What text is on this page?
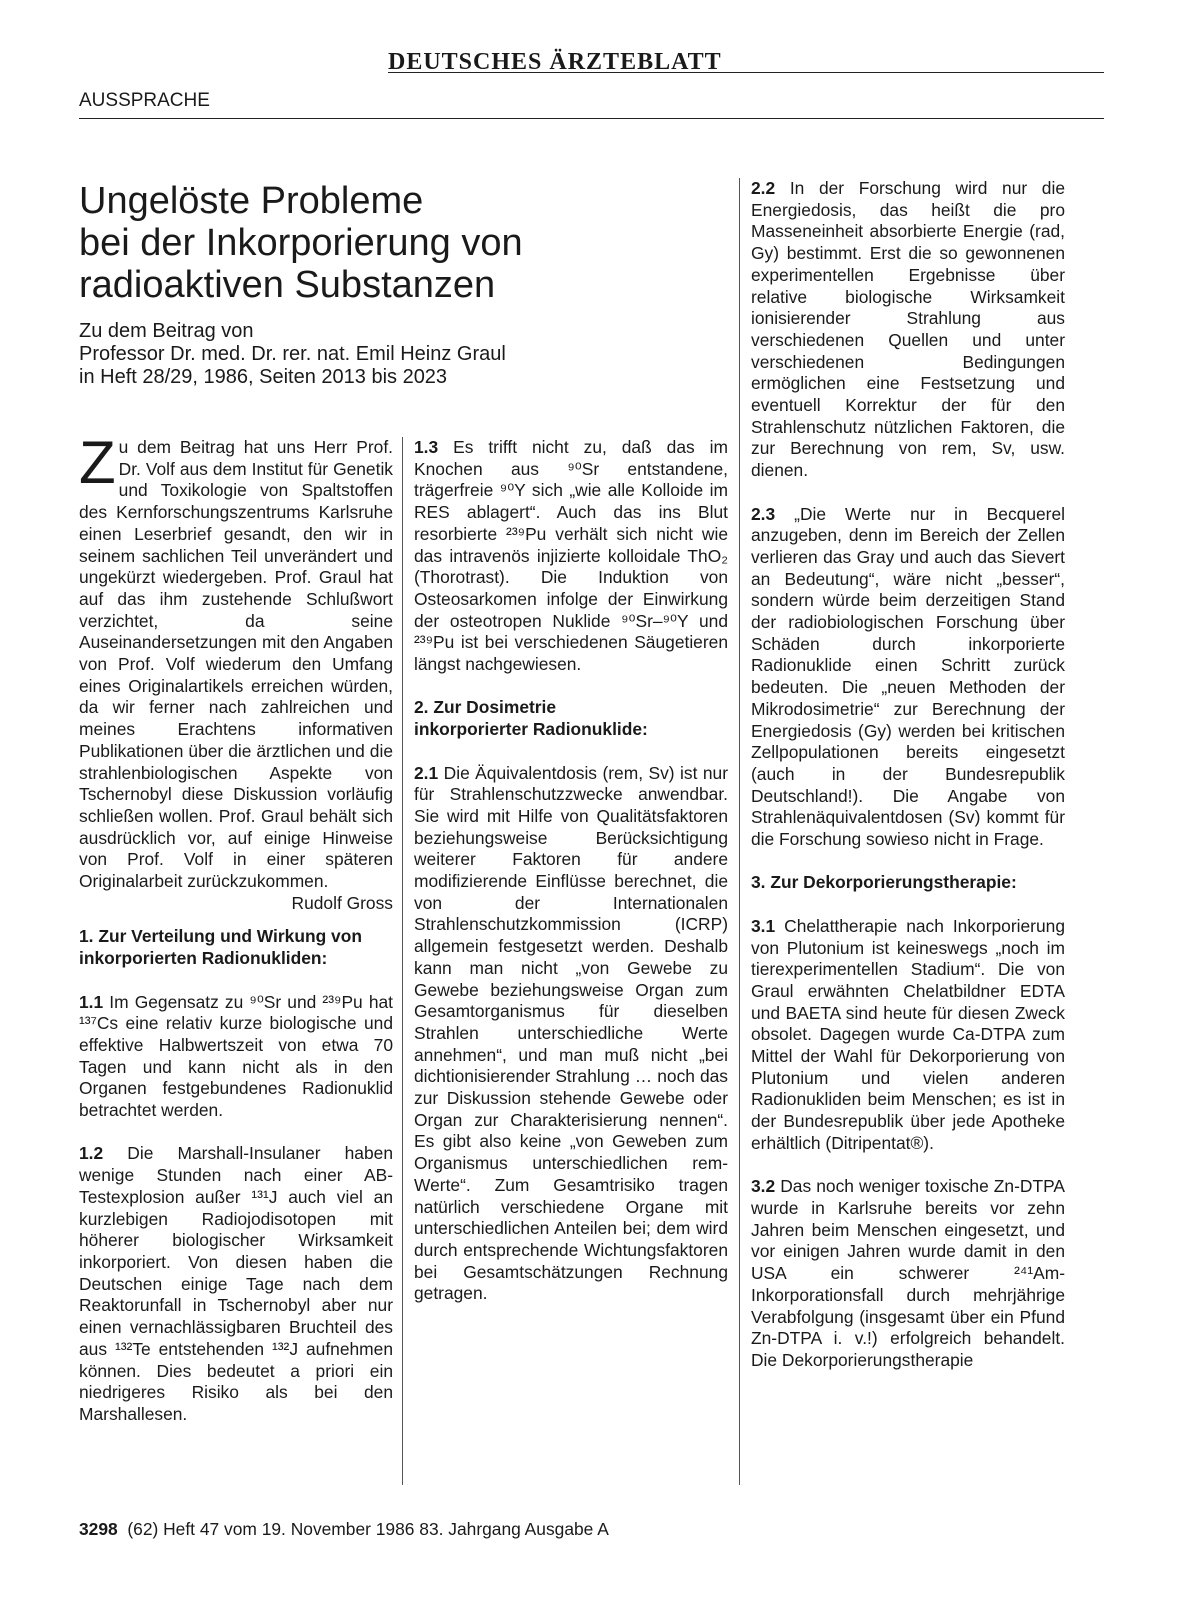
DEUTSCHES ÄRZTEBLATT
AUSSPRACHE
Ungelöste Probleme
bei der Inkorporierung von
radioaktiven Substanzen
Zu dem Beitrag von
Professor Dr. med. Dr. rer. nat. Emil Heinz Graul
in Heft 28/29, 1986, Seiten 2013 bis 2023

Zu dem Beitrag hat uns Herr Prof. Dr. Volf aus dem Institut für Genetik und Toxikologie von Spaltstoffen des Kernforschungszentrums Karlsruhe einen Leserbrief gesandt, den wir in seinem sachlichen Teil unverändert und ungekürzt wiedergeben. Prof. Graul hat auf das ihm zustehende Schlußwort verzichtet, da seine Auseinandersetzungen mit den Angaben von Prof. Volf wiederum den Umfang eines Originalartikels erreichen würden, da wir ferner nach zahlreichen und meines Erachtens informativen Publikationen über die ärztlichen und die strahlenbiologischen Aspekte von Tschernobyl diese Diskussion vorläufig schließen wollen. Prof. Graul behält sich ausdrücklich vor, auf einige Hinweise von Prof. Volf in einer späteren Originalarbeit zurückzukommen.
Rudolf Gross

1. Zur Verteilung und Wirkung von inkorporierten Radionukliden:

1.1 Im Gegensatz zu ⁹⁰Sr und ²³⁹Pu hat ¹³⁷Cs eine relativ kurze biologische und effektive Halbwertszeit von etwa 70 Tagen und kann nicht als in den Organen festgebundenes Radionuklid betrachtet werden.

1.2 Die Marshall-Insulaner haben wenige Stunden nach einer AB-Testexplosion außer ¹³¹J auch viel an kurzlebigen Radiojodisotopen mit höherer biologischer Wirksamkeit inkorporiert. Von diesen haben die Deutschen einige Tage nach dem Reaktorunfall in Tschernobyl aber nur einen vernachlässigbaren Bruchteil des aus ¹³²Te entstehenden ¹³²J aufnehmen können. Dies bedeutet a priori ein niedrigeres Risiko als bei den Marshallesen.

1.3 Es trifft nicht zu, daß das im Knochen aus ⁹⁰Sr entstandene, trägerfreie ⁹⁰Y sich „wie alle Kolloide im RES ablagert“. Auch das ins Blut resorbierte ²³⁹Pu verhält sich nicht wie das intravenös injizierte kolloidale ThO₂ (Thorotrast). Die Induktion von Osteosarkomen infolge der Einwirkung der osteotropen Nuklide ⁹⁰Sr–⁹⁰Y und ²³⁹Pu ist bei verschiedenen Säugetieren längst nachgewiesen.

2. Zur Dosimetrie
inkorporierter Radionuklide:

2.1 Die Äquivalentdosis (rem, Sv) ist nur für Strahlenschutzzwecke anwendbar. Sie wird mit Hilfe von Qualitätsfaktoren beziehungsweise Berücksichtigung weiterer Faktoren für andere modifizierende Einflüsse berechnet, die von der Internationalen Strahlenschutzkommission (ICRP) allgemein festgesetzt werden. Deshalb kann man nicht „von Gewebe zu Gewebe beziehungsweise Organ zum Gesamtorganismus für dieselben Strahlen unterschiedliche Werte annehmen“, und man muß nicht „bei dichtionisierender Strahlung … noch das zur Diskussion stehende Gewebe oder Organ zur Charakterisierung nennen“. Es gibt also keine „von Geweben zum Organismus unterschiedlichen rem-Werte“. Zum Gesamtrisiko tragen natürlich verschiedene Organe mit unterschiedlichen Anteilen bei; dem wird durch entsprechende Wichtungsfaktoren bei Gesamtschätzungen Rechnung getragen.

2.2 In der Forschung wird nur die Energiedosis, das heißt die pro Masseneinheit absorbierte Energie (rad, Gy) bestimmt. Erst die so gewonnenen experimentellen Ergebnisse über relative biologische Wirksamkeit ionisierender Strahlung aus verschiedenen Quellen und unter verschiedenen Bedingungen ermöglichen eine Festsetzung und eventuell Korrektur der für den Strahlenschutz nützlichen Faktoren, die zur Berechnung von rem, Sv, usw. dienen.

2.3 „Die Werte nur in Becquerel anzugeben, denn im Bereich der Zellen verlieren das Gray und auch das Sievert an Bedeutung“, wäre nicht „besser“, sondern würde beim derzeitigen Stand der radiobiologischen Forschung über Schäden durch inkorporierte Radionuklide einen Schritt zurück bedeuten. Die „neuen Methoden der Mikrodosimetrie“ zur Berechnung der Energiedosis (Gy) werden bei kritischen Zellpopulationen bereits eingesetzt (auch in der Bundesrepublik Deutschland!). Die Angabe von Strahlenäquivalentdosen (Sv) kommt für die Forschung sowieso nicht in Frage.

3. Zur Dekorporierungstherapie:

3.1 Chelattherapie nach Inkorporierung von Plutonium ist keineswegs „noch im tierexperimentellen Stadium“. Die von Graul erwähnten Chelatbildner EDTA und BAETA sind heute für diesen Zweck obsolet. Dagegen wurde Ca-DTPA zum Mittel der Wahl für Dekorporierung von Plutonium und vielen anderen Radionukliden beim Menschen; es ist in der Bundesrepublik über jede Apotheke erhältlich (Ditripentat®).

3.2 Das noch weniger toxische Zn-DTPA wurde in Karlsruhe bereits vor zehn Jahren beim Menschen eingesetzt, und vor einigen Jahren wurde damit in den USA ein schwerer ²⁴¹Am-Inkorporationsfall durch mehrjährige Verabfolgung (insgesamt über ein Pfund Zn-DTPA i. v.!) erfolgreich behandelt. Die Dekorporierungstherapie

3298 (62) Heft 47 vom 19. November 1986 83. Jahrgang Ausgabe A
